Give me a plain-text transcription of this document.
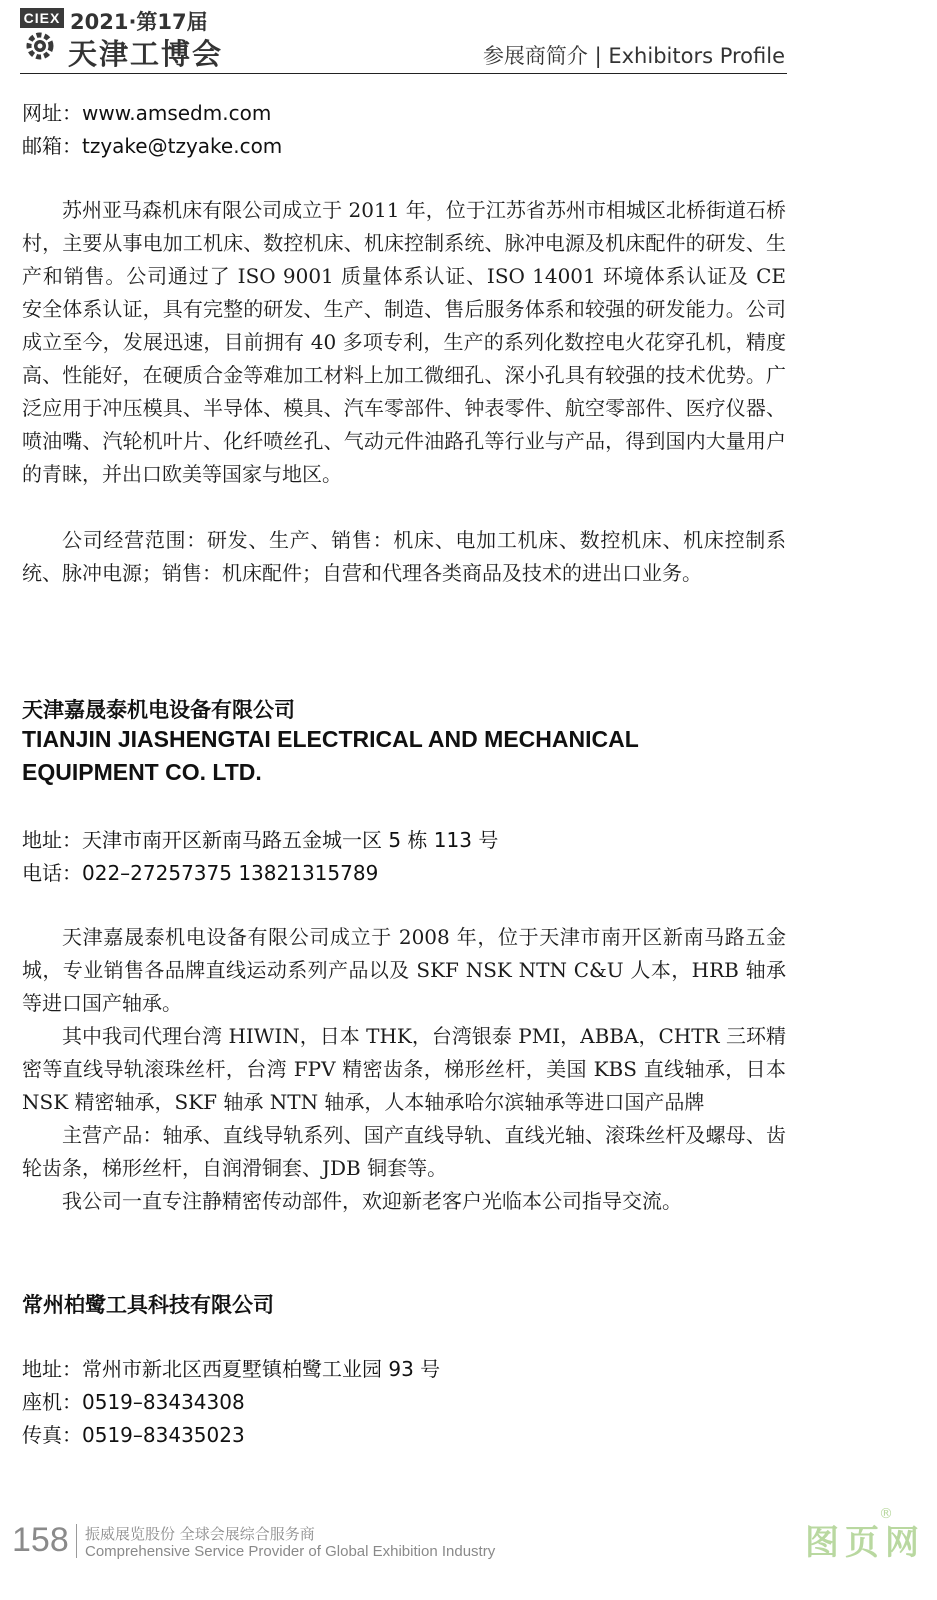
CIEX 2021·第17届
天津工博会	参展商简介 | Exhibitors Profile
网址：www.amsedm.com
邮箱：tzyake@tzyake.com

苏州亚马森机床有限公司成立于 2011 年，位于江苏省苏州市相城区北桥街道石桥村，主要从事电加工机床、数控机床、机床控制系统、脉冲电源及机床配件的研发、生产和销售。公司通过了 ISO 9001 质量体系认证、ISO 14001 环境体系认证及 CE 安全体系认证，具有完整的研发、生产、制造、售后服务体系和较强的研发能力。公司成立至今，发展迅速，目前拥有 40 多项专利，生产的系列化数控电火花穿孔机，精度高、性能好，在硬质合金等难加工材料上加工微细孔、深小孔具有较强的技术优势。广泛应用于冲压模具、半导体、模具、汽车零部件、钟表零件、航空零部件、医疗仪器、喷油嘴、汽轮机叶片、化纤喷丝孔、气动元件油路孔等行业与产品，得到国内大量用户的青睐，并出口欧美等国家与地区。

公司经营范围：研发、生产、销售：机床、电加工机床、数控机床、机床控制系统、脉冲电源；销售：机床配件；自营和代理各类商品及技术的进出口业务。

天津嘉晟泰机电设备有限公司

TIANJIN JIASHENGTAI ELECTRICAL AND MECHANICAL EQUIPMENT CO. LTD.

地址：天津市南开区新南马路五金城一区 5 栋 113 号
电话：022–27257375 13821315789

天津嘉晟泰机电设备有限公司成立于 2008 年，位于天津市南开区新南马路五金城，专业销售各品牌直线运动系列产品以及 SKF NSK NTN C&U 人本，HRB 轴承等进口国产轴承。

其中我司代理台湾 HIWIN，日本 THK，台湾银泰 PMI，ABBA，CHTR 三环精密等直线导轨滚珠丝杆，台湾 FPV 精密齿条，梯形丝杆，美国 KBS 直线轴承，日本 NSK 精密轴承，SKF 轴承 NTN 轴承，人本轴承哈尔滨轴承等进口国产品牌

主营产品：轴承、直线导轨系列、国产直线导轨、直线光轴、滚珠丝杆及螺母、齿轮齿条，梯形丝杆，自润滑铜套、JDB 铜套等。

我公司一直专注静精密传动部件，欢迎新老客户光临本公司指导交流。

常州柏鹭工具科技有限公司
地址：常州市新北区西夏墅镇柏鹭工业园 93 号
座机：0519–83434308
传真：0519–83435023
158 振威展览股份 全球会展综合服务商
Comprehensive Service Provider of Global Exhibition Industry	图页网
®
